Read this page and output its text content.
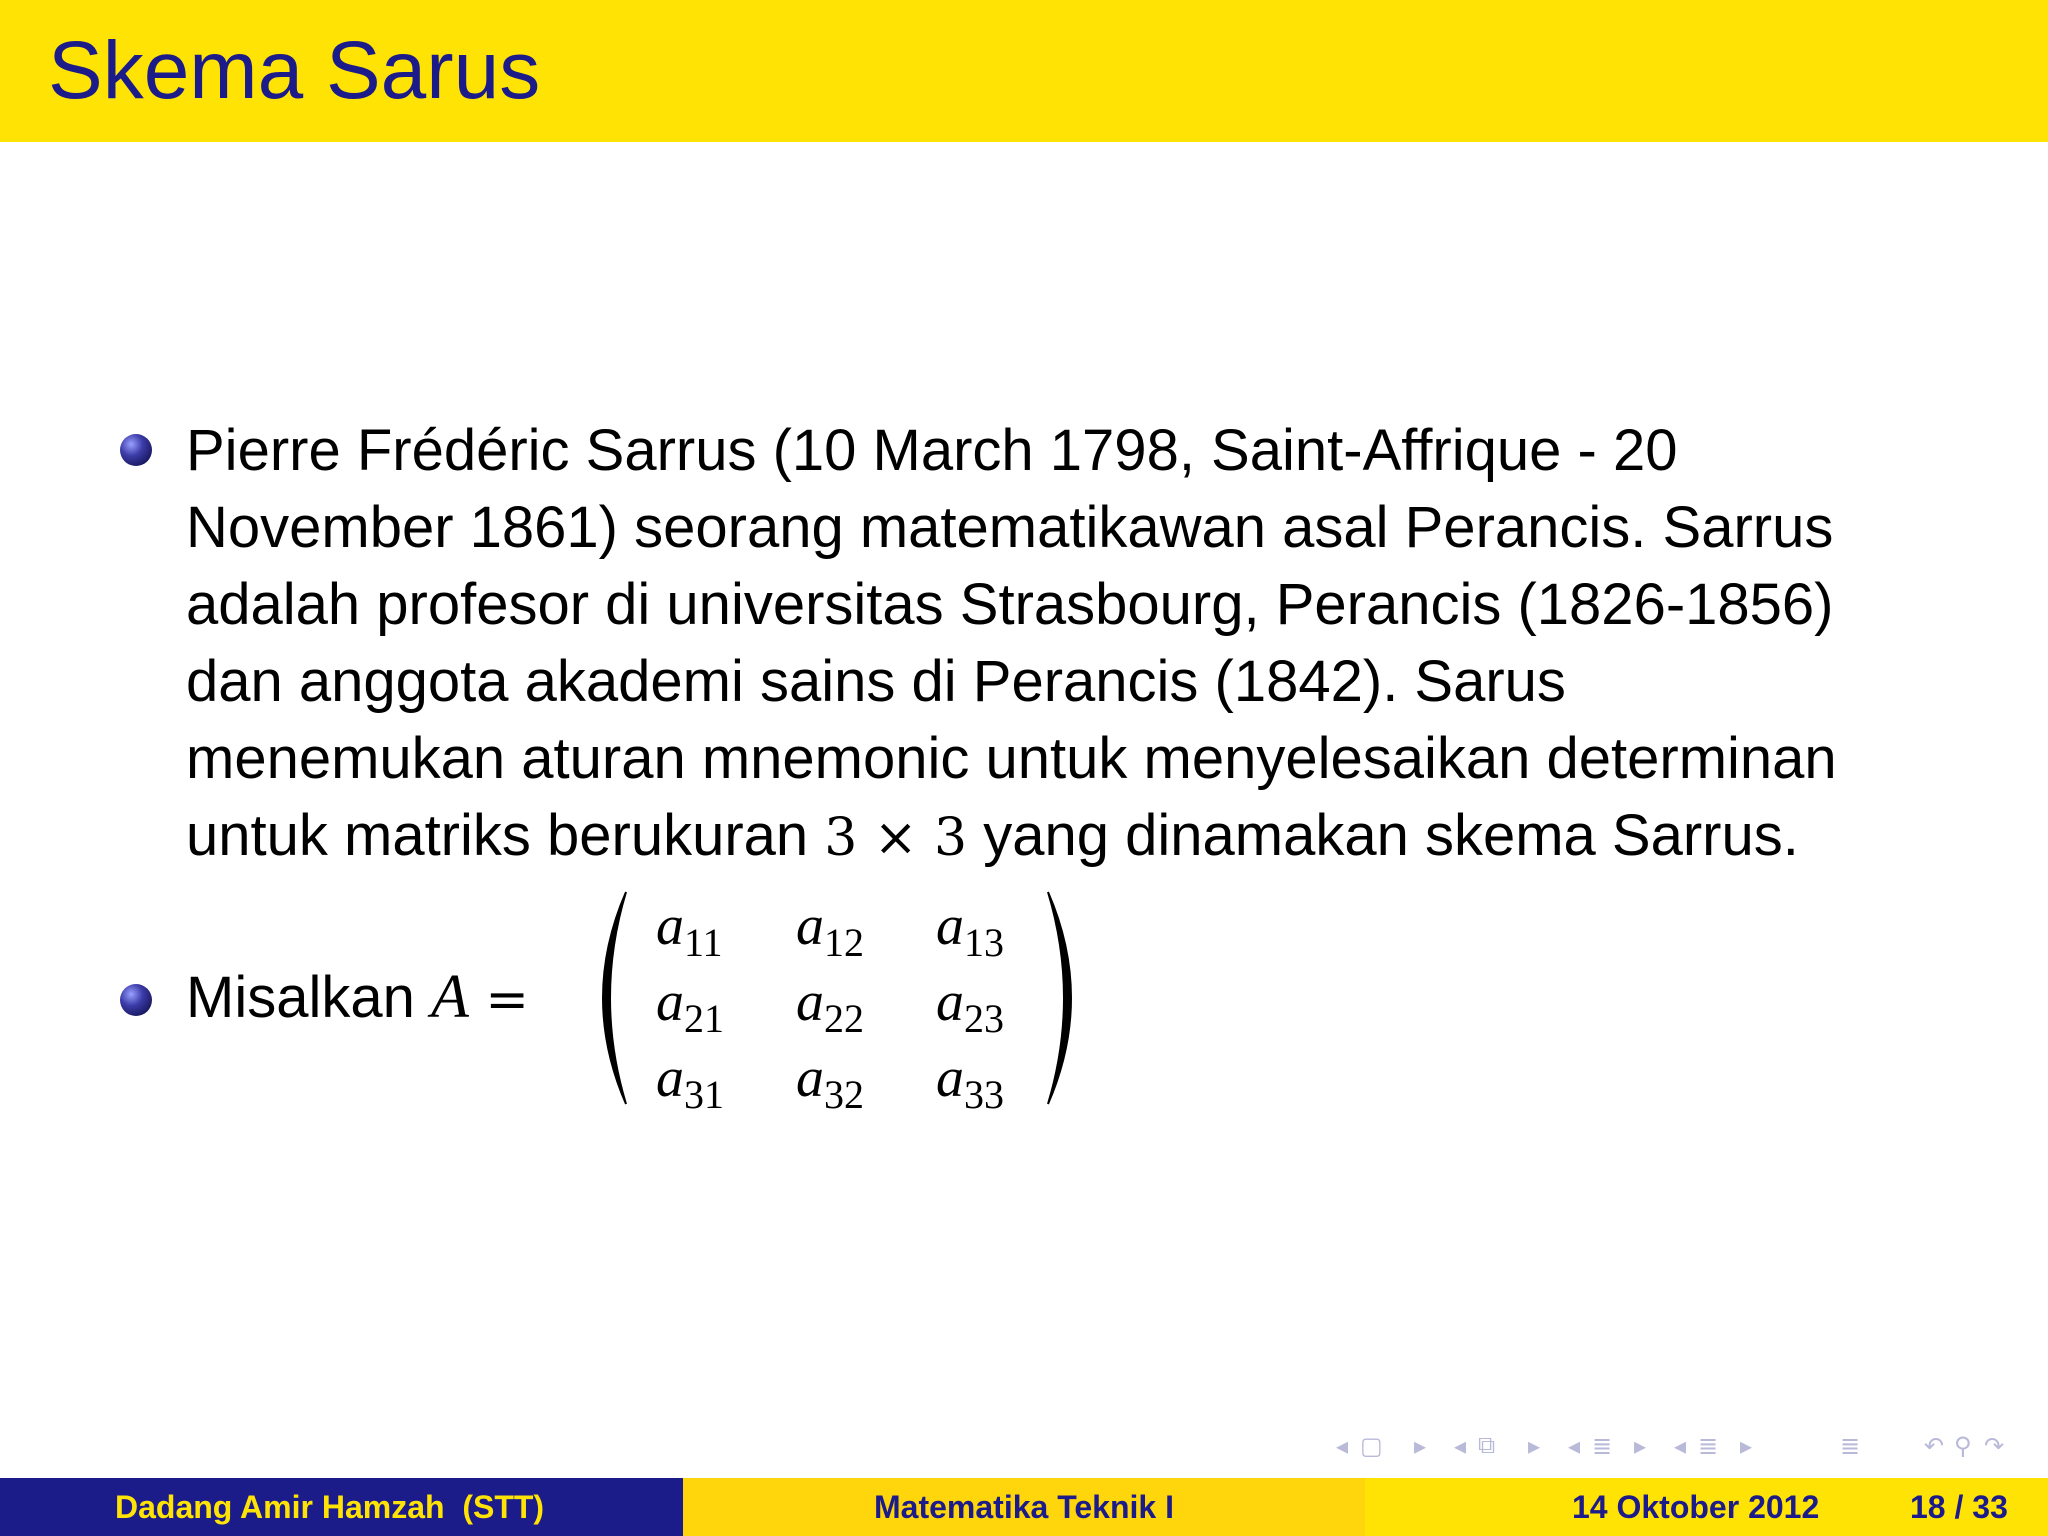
Skema Sarus
Pierre Frédéric Sarrus (10 March 1798, Saint-Affrique - 20
November 1861) seorang matematikawan asal Perancis. Sarrus
adalah profesor di universitas Strasbourg, Perancis (1826-1856)
dan anggota akademi sains di Perancis (1842). Sarus
menemukan aturan mnemonic untuk menyelesaikan determinan
untuk matriks berukuran 3 × 3 yang dinamakan skema Sarrus.
Misalkan A =
$a_{11}$ $a_{12}$ $a_{13}$
$a_{21}$ $a_{22}$ $a_{23}$
$a_{31}$ $a_{32}$ $a_{33}$
◂ ▢ ▸ ◂ ⧉ ▸ ◂ ≣ ▸ ◂ ≣ ▸	≣	↶ ⚲ ↷
Dadang Amir Hamzah  (STT)	Matematika Teknik I	14 Oktober 2012	18 / 33
